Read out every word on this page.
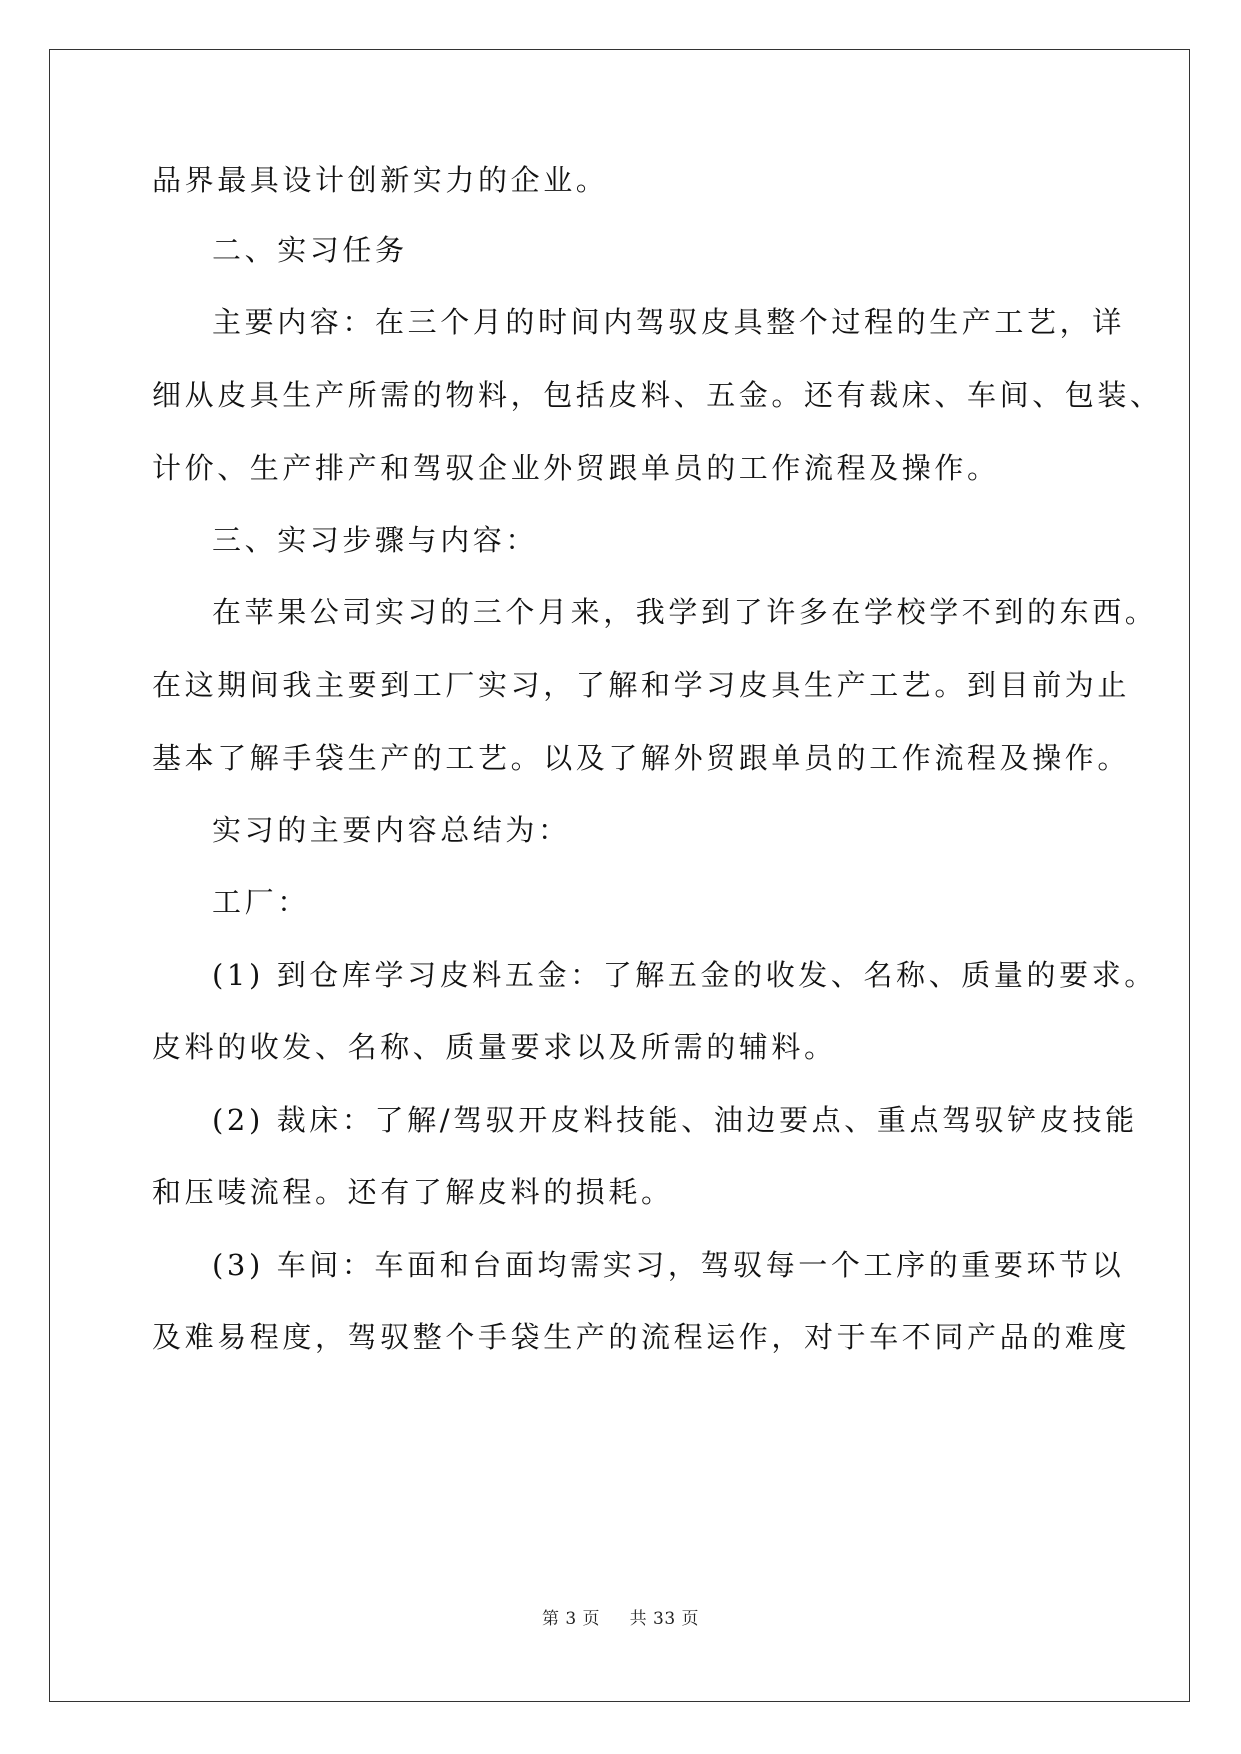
品界最具设计创新实力的企业。
二、实习任务
主要内容：在三个月的时间内驾驭皮具整个过程的生产工艺，详
细从皮具生产所需的物料，包括皮料、五金。还有裁床、车间、包装、
计价、生产排产和驾驭企业外贸跟单员的工作流程及操作。
三、实习步骤与内容：
在苹果公司实习的三个月来，我学到了许多在学校学不到的东西。
在这期间我主要到工厂实习，了解和学习皮具生产工艺。到目前为止
基本了解手袋生产的工艺。以及了解外贸跟单员的工作流程及操作。
实习的主要内容总结为：
工厂：
(1) 到仓库学习皮料五金：了解五金的收发、名称、质量的要求。
皮料的收发、名称、质量要求以及所需的辅料。
(2) 裁床：了解/驾驭开皮料技能、油边要点、重点驾驭铲皮技能
和压唛流程。还有了解皮料的损耗。
(3) 车间：车面和台面均需实习，驾驭每一个工序的重要环节以
及难易程度，驾驭整个手袋生产的流程运作，对于车不同产品的难度
第 3 页 共 33 页
